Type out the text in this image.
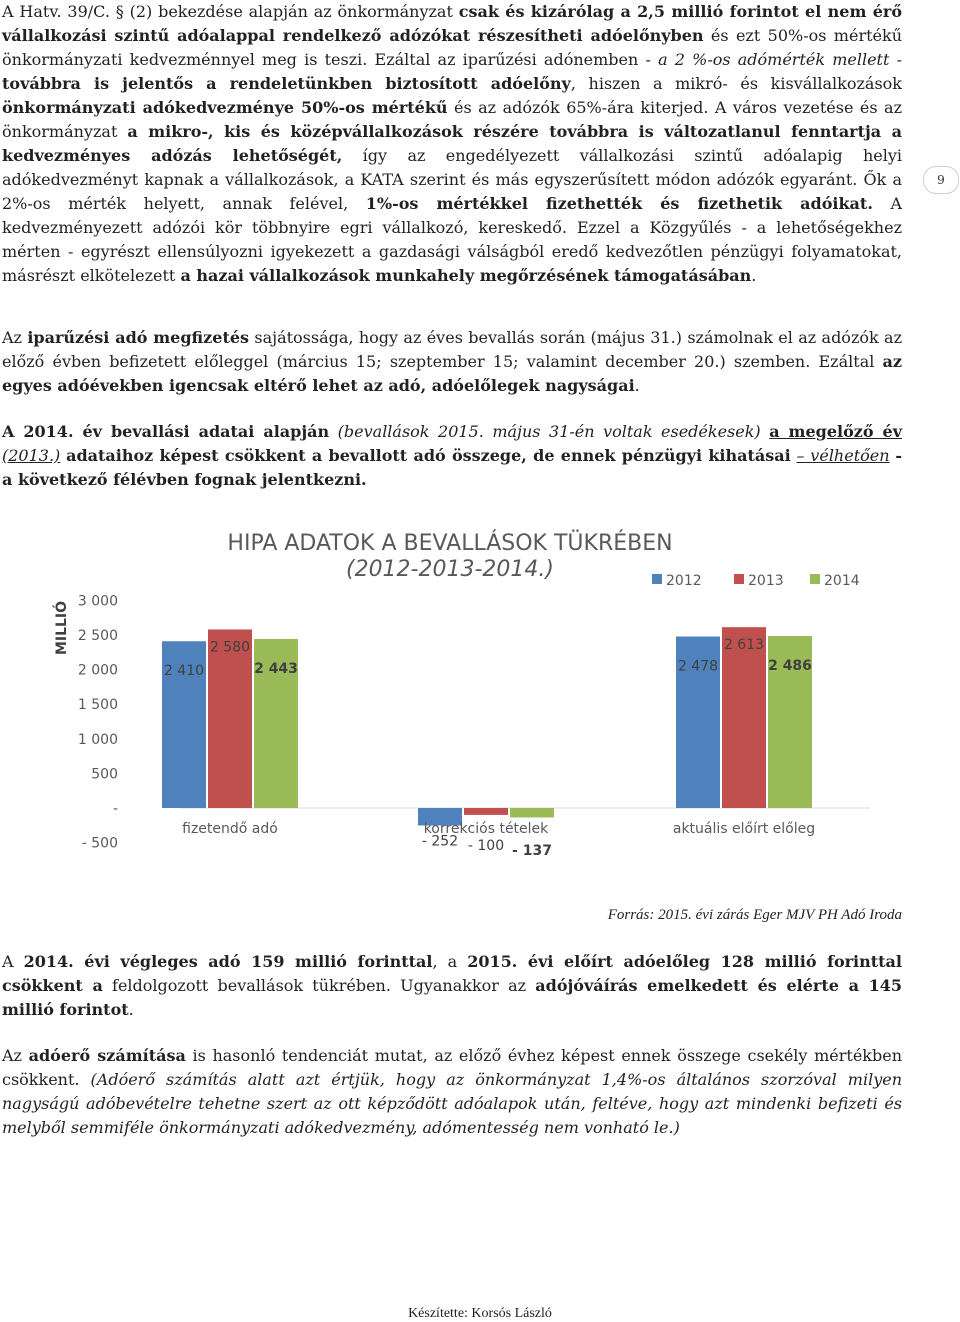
A Hatv. 39/C. § (2) bekezdése alapján az önkormányzat csak és kizárólag a 2,5 millió forintot el nem érő vállalkozási szintű adóalappal rendelkező adózókat részesítheti adóelőnyben és ezt 50%-os mértékű önkormányzati kedvezménnyel meg is teszi. Ezáltal az iparűzési adónemben - a 2 %-os adómérték mellett - továbbra is jelentős a rendeletünkben biztosított adóelőny, hiszen a mikró- és kisvállalkozások önkormányzati adókedvezménye 50%-os mértékű és az adózók 65%-ára kiterjed. A város vezetése és az önkormányzat a mikro-, kis és középvállalkozások részére továbbra is változatlanul fenntartja a kedvezményes adózás lehetőségét, így az engedélyezett vállalkozási szintű adóalapig helyi adókedvezményt kapnak a vállalkozások, a KATA szerint és más egyszerűsített módon adózók egyaránt. Ők a 2%-os mérték helyett, annak felével, 1%-os mértékkel fizethették és fizethetik adóikat. A kedvezményezett adózói kör többnyire egri vállalkozó, kereskedő. Ezzel a Közgyűlés - a lehetőségekhez mérten - egyrészt ellensúlyozni igyekezett a gazdasági válságból eredő kedvezőtlen pénzügyi folyamatokat, másrészt elkötelezett a hazai vállalkozások munkahely megőrzésének támogatásában.
Az iparűzési adó megfizetés sajátossága, hogy az éves bevallás során (május 31.) számolnak el az adózók az előző évben befizetett előleggel (március 15; szeptember 15; valamint december 20.) szemben. Ezáltal az egyes adóévekben igencsak eltérő lehet az adó, adóelőlegek nagyságai.
A 2014. év bevallási adatai alapján (bevallások 2015. május 31-én voltak esedékesek) a megelőző év (2013.) adataihoz képest csökkent a bevallott adó összege, de ennek pénzügyi kihatásai – vélhetően - a következő félévben fognak jelentkezni.
9
HIPA ADATOK A BEVALLÁSOK TÜKRÉBEN
(2012-2013-2014.)
MILLIÓ 3 000
2 500
2 000
1 500
1 000
500
-
- 500
2012	2013	2014
fizetendő adó	korrekciós tételek	aktuális előírt előleg
2 410
2 580
2 443
- 252 - 100 - 137
2 478
2 613
2 486
Forrás: 2015. évi zárás Eger MJV PH Adó Iroda
A 2014. évi végleges adó 159 millió forinttal, a 2015. évi előírt adóelőleg 128 millió forinttal csökkent a feldolgozott bevallások tükrében. Ugyanakkor az adójóváírás emelkedett és elérte a 145 millió forintot.
Az adóerő számítása is hasonló tendenciát mutat, az előző évhez képest ennek összege csekély mértékben csökkent. (Adóerő számítás alatt azt értjük, hogy az önkormányzat 1,4%-os általános szorzóval milyen nagyságú adóbevételre tehetne szert az ott képződött adóalapok után, feltéve, hogy azt mindenki befizeti és melyből semmiféle önkormányzati adókedvezmény, adómentesség nem vonható le.)
Készítette: Korsós László
